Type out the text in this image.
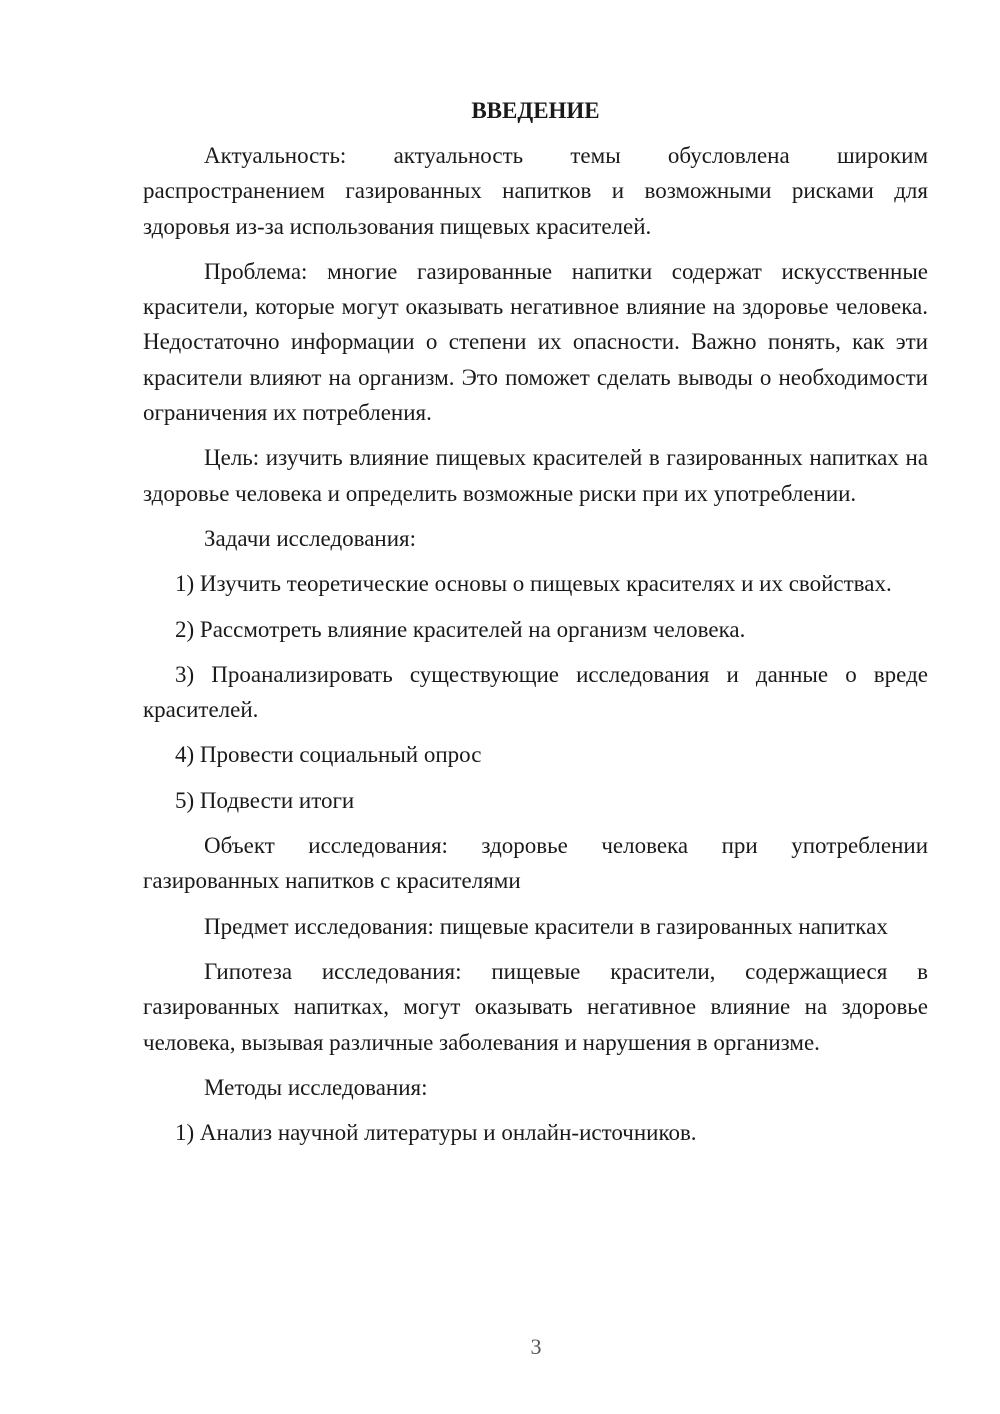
ВВЕДЕНИЕ

Актуальность: актуальность темы обусловлена широким распространением газированных напитков и возможными рисками для здоровья из-за использования пищевых красителей.

Проблема: многие газированные напитки содержат искусственные красители, которые могут оказывать негативное влияние на здоровье человека. Недостаточно информации о степени их опасности. Важно понять, как эти красители влияют на организм. Это поможет сделать выводы о необходимости ограничения их потребления.

Цель: изучить влияние пищевых красителей в газированных напитках на здоровье человека и определить возможные риски при их употреблении.

Задачи исследования:

1) Изучить теоретические основы о пищевых красителях и их свойствах.

2) Рассмотреть влияние красителей на организм человека.

3) Проанализировать существующие исследования и данные о вреде красителей.

4) Провести социальный опрос

5) Подвести итоги

Объект исследования: здоровье человека при употреблении газированных напитков с красителями

Предмет исследования: пищевые красители в газированных напитках

Гипотеза исследования: пищевые красители, содержащиеся в газированных напитках, могут оказывать негативное влияние на здоровье человека, вызывая различные заболевания и нарушения в организме.

Методы исследования:

1) Анализ научной литературы и онлайн-источников.

3
